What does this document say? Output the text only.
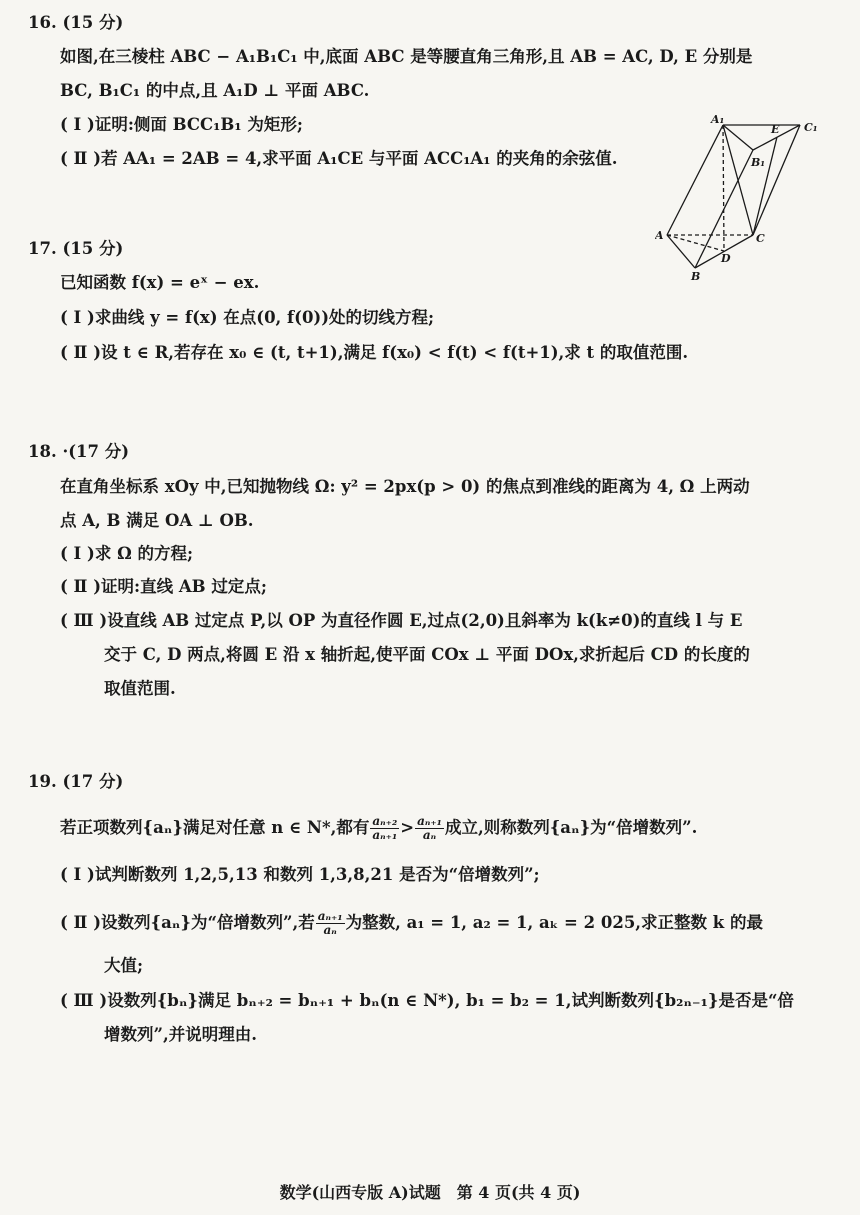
16. (15 分)
如图,在三棱柱 ABC − A₁B₁C₁ 中,底面 ABC 是等腰直角三角形,且 AB = AC, D, E 分别是
BC, B₁C₁ 的中点,且 A₁D ⊥ 平面 ABC.
( Ⅰ )证明:侧面 BCC₁B₁ 为矩形;
( Ⅱ )若 AA₁ = 2AB = 4,求平面 A₁CE 与平面 ACC₁A₁ 的夹角的余弦值.
A₁
E C₁
B₁
A	C
D
B
17. (15 分)
已知函数 f(x) = eˣ − ex.
( Ⅰ )求曲线 y = f(x) 在点(0, f(0))处的切线方程;
( Ⅱ )设 t ∈ R,若存在 x₀ ∈ (t, t+1),满足 f(x₀) < f(t) < f(t+1),求 t 的取值范围.
18. ·(17 分)
在直角坐标系 xOy 中,已知抛物线 Ω: y² = 2px(p > 0) 的焦点到准线的距离为 4, Ω 上两动
点 A, B 满足 OA ⊥ OB.
( Ⅰ )求 Ω 的方程;
( Ⅱ )证明:直线 AB 过定点;
( Ⅲ )设直线 AB 过定点 P,以 OP 为直径作圆 E,过点(2,0)且斜率为 k(k≠0)的直线 l 与 E
交于 C, D 两点,将圆 E 沿 x 轴折起,使平面 COx ⊥ 平面 DOx,求折起后 CD 的长度的
取值范围.
19. (17 分)
若正项数列{aₙ}满足对任意 n ∈ N*,都有 $\frac{\text{aₙ₊₂}}{\text{aₙ₊₁}} > \frac{\text{aₙ₊₁}}{\text{aₙ}}$ 成立,则称数列{aₙ}为“倍增数列”.
( Ⅰ )试判断数列 1,2,5,13 和数列 1,3,8,21 是否为“倍增数列”;
( Ⅱ )设数列{aₙ}为“倍增数列”,若 $\frac{\text{aₙ₊₁}}{\text{aₙ}}$ 为整数, a₁ = 1, a₂ = 1, aₖ = 2 025,求正整数 k 的最
大值;
( Ⅲ )设数列{bₙ}满足 bₙ₊₂ = bₙ₊₁ + bₙ(n ∈ N*), b₁ = b₂ = 1,试判断数列{b₂ₙ₋₁}是否是“倍
增数列”,并说明理由.
数学(山西专版 A)试题　第 4 页(共 4 页)
